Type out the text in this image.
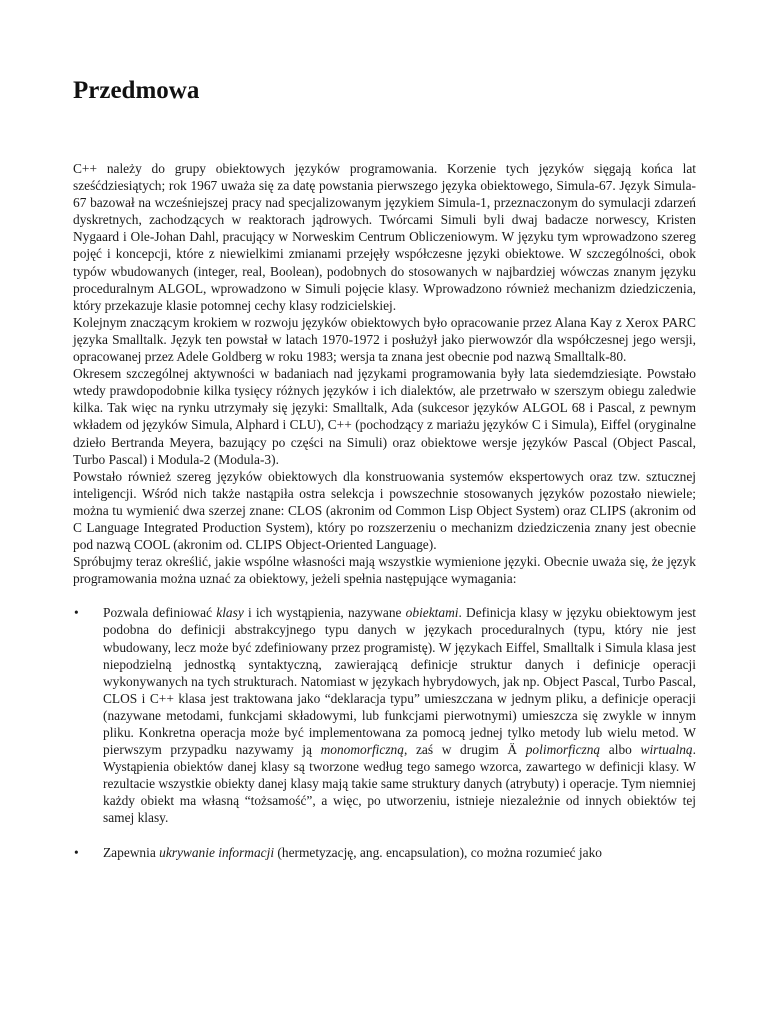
Przedmowa

C++ należy do grupy obiektowych języków programowania. Korzenie tych języków sięgają końca lat sześćdziesiątych; rok 1967 uważa się za datę powstania pierwszego języka obiektowego, Simula-67. Język Simula-67 bazował na wcześniejszej pracy nad specjalizowanym językiem Simula-1, przeznaczonym do symulacji zdarzeń dyskretnych, zachodzących w reaktorach jądrowych. Twórcami Simuli byli dwaj badacze norwescy, Kristen Nygaard i Ole-Johan Dahl, pracujący w Norweskim Centrum Obliczeniowym. W języku tym wprowadzono szereg pojęć i koncepcji, które z niewielkimi zmianami przejęły współczesne języki obiektowe. W szczególności, obok typów wbudowanych (integer, real, Boolean), podobnych do stosowanych w najbardziej wówczas znanym języku proceduralnym ALGOL, wprowadzono w Simuli pojęcie klasy. Wprowadzono również mechanizm dziedziczenia, który przekazuje klasie potomnej cechy klasy rodzicielskiej.

Kolejnym znaczącym krokiem w rozwoju języków obiektowych było opracowanie przez Alana Kay z Xerox PARC języka Smalltalk. Język ten powstał w latach 1970-1972 i posłużył jako pierwowzór dla współczesnej jego wersji, opracowanej przez Adele Goldberg w roku 1983; wersja ta znana jest obecnie pod nazwą Smalltalk-80.

Okresem szczególnej aktywności w badaniach nad językami programowania były lata siedemdziesiąte. Powstało wtedy prawdopodobnie kilka tysięcy różnych języków i ich dialektów, ale przetrwało w szerszym obiegu zaledwie kilka. Tak więc na rynku utrzymały się języki: Smalltalk, Ada (sukcesor języków ALGOL 68 i Pascal, z pewnym wkładem od języków Simula, Alphard i CLU), C++ (pochodzący z mariażu języków C i Simula), Eiffel (oryginalne dzieło Bertranda Meyera, bazujący po części na Simuli) oraz obiektowe wersje języków Pascal (Object Pascal, Turbo Pascal) i Modula-2 (Modula-3).

Powstało również szereg języków obiektowych dla konstruowania systemów ekspertowych oraz tzw. sztucznej inteligencji. Wśród nich także nastąpiła ostra selekcja i powszechnie stosowanych języków pozostało niewiele; można tu wymienić dwa szerzej znane: CLOS (akronim od Common Lisp Object System) oraz CLIPS (akronim od C Language Integrated Production System), który po rozszerzeniu o mechanizm dziedziczenia znany jest obecnie pod nazwą COOL (akronim od. CLIPS Object-Oriented Language).

Spróbujmy teraz określić, jakie wspólne własności mają wszystkie wymienione języki. Obecnie uważa się, że język programowania można uznać za obiektowy, jeżeli spełnia następujące wymagania:

• Pozwala definiować klasy i ich wystąpienia, nazywane obiektami. Definicja klasy w języku obiektowym jest podobna do definicji abstrakcyjnego typu danych w językach proceduralnych (typu, który nie jest wbudowany, lecz może być zdefiniowany przez programistę). W językach Eiffel, Smalltalk i Simula klasa jest niepodzielną jednostką syntaktyczną, zawierającą definicje struktur danych i definicje operacji wykonywanych na tych strukturach. Natomiast w językach hybrydowych, jak np. Object Pascal, Turbo Pascal, CLOS i C++ klasa jest traktowana jako “deklaracja typu” umieszczana w jednym pliku, a definicje operacji (nazywane metodami, funkcjami składowymi, lub funkcjami pierwotnymi) umieszcza się zwykle w innym pliku. Konkretna operacja może być implementowana za pomocą jednej tylko metody lub wielu metod. W pierwszym przypadku nazywamy ją monomorficzną, zaś w drugim Ä polimorficzną albo wirtualną. Wystąpienia obiektów danej klasy są tworzone według tego samego wzorca, zawartego w definicji klasy. W rezultacie wszystkie obiekty danej klasy mają takie same struktury danych (atrybuty) i operacje. Tym niemniej każdy obiekt ma własną “tożsamość”, a więc, po utworzeniu, istnieje niezależnie od innych obiektów tej samej klasy.

• Zapewnia ukrywanie informacji (hermetyzację, ang. encapsulation), co można rozumieć jako
